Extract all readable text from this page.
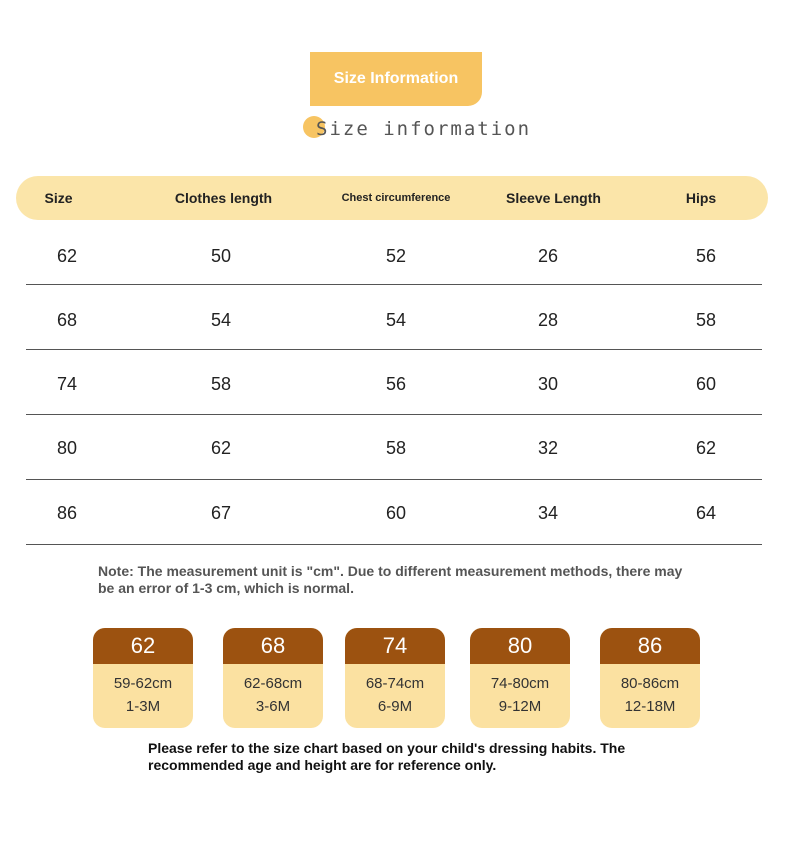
Size Information
Size information
Size	Clothes length	Chest circumference	Sleeve Length	Hips
62	50	52	26	56
68	54	54	28	58
74	58	56	30	60
80	62	58	32	62
86	67	60	34	64
Note: The measurement unit is "cm". Due to different measurement methods, there may be an error of 1-3 cm, which is normal.
62
59-62cm
1-3M
68
62-68cm
3-6M
74
68-74cm
6-9M
80
74-80cm
9-12M
86
80-86cm
12-18M
Please refer to the size chart based on your child's dressing habits. The recommended age and height are for reference only.
